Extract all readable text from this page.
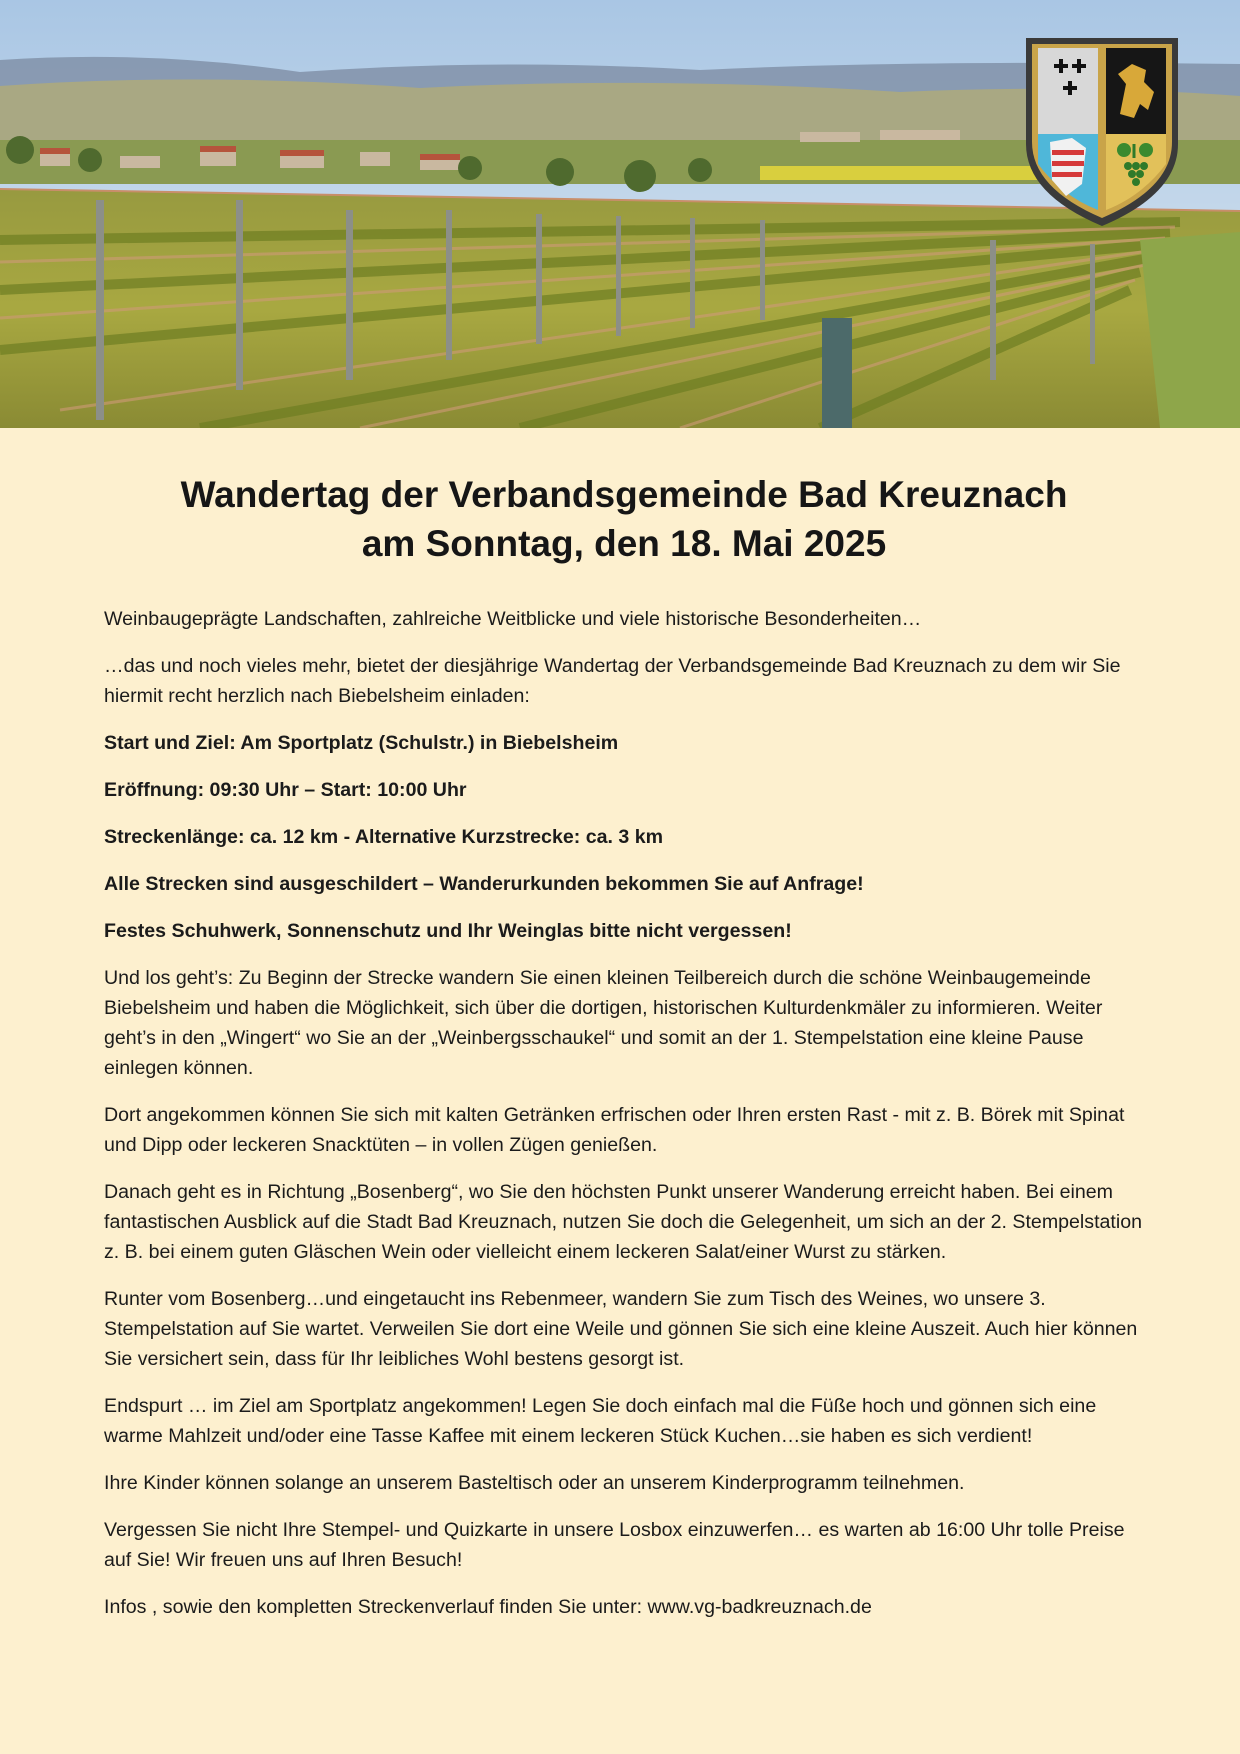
Wandertag der Verbandsgemeinde Bad Kreuznach
am Sonntag, den 18. Mai 2025

Weinbaugeprägte Landschaften, zahlreiche Weitblicke und viele historische Besonderheiten…

…das und noch vieles mehr, bietet der diesjährige Wandertag der Verbandsgemeinde Bad Kreuznach zu dem wir Sie hiermit recht herzlich nach Biebelsheim einladen:

Start und Ziel: Am Sportplatz (Schulstr.) in Biebelsheim

Eröffnung: 09:30 Uhr – Start: 10:00 Uhr

Streckenlänge: ca. 12 km - Alternative Kurzstrecke: ca. 3 km

Alle Strecken sind ausgeschildert – Wanderurkunden bekommen Sie auf Anfrage!

Festes Schuhwerk, Sonnenschutz und Ihr Weinglas bitte nicht vergessen!

Und los geht’s: Zu Beginn der Strecke wandern Sie einen kleinen Teilbereich durch die schöne Weinbaugemeinde Biebelsheim und haben die Möglichkeit, sich über die dortigen, historischen Kulturdenkmäler zu informieren. Weiter geht’s in den „Wingert“ wo Sie an der „Weinbergsschaukel“ und somit an der 1. Stempelstation eine kleine Pause einlegen können.

Dort angekommen können Sie sich mit kalten Getränken erfrischen oder Ihren ersten Rast - mit z. B. Börek mit Spinat und Dipp oder leckeren Snacktüten – in vollen Zügen genießen.

Danach geht es in Richtung „Bosenberg“, wo Sie den höchsten Punkt unserer Wanderung erreicht haben. Bei einem fantastischen Ausblick auf die Stadt Bad Kreuznach, nutzen Sie doch die Gelegenheit, um sich an der 2. Stempelstation z. B. bei einem guten Gläschen Wein oder vielleicht einem leckeren Salat/einer Wurst zu stärken.

Runter vom Bosenberg…und eingetaucht ins Rebenmeer, wandern Sie zum Tisch des Weines, wo unsere 3. Stempelstation auf Sie wartet. Verweilen Sie dort eine Weile und gönnen Sie sich eine kleine Auszeit. Auch hier können Sie versichert sein, dass für Ihr leibliches Wohl bestens gesorgt ist.

Endspurt … im Ziel am Sportplatz angekommen! Legen Sie doch einfach mal die Füße hoch und gönnen sich eine warme Mahlzeit und/oder eine Tasse Kaffee mit einem leckeren Stück Kuchen…sie haben es sich verdient!

Ihre Kinder können solange an unserem Basteltisch oder an unserem Kinderprogramm teilnehmen.

Vergessen Sie nicht Ihre Stempel- und Quizkarte in unsere Losbox einzuwerfen… es warten ab 16:00 Uhr tolle Preise auf Sie! Wir freuen uns auf Ihren Besuch!

Infos , sowie den kompletten Streckenverlauf finden Sie unter: www.vg-badkreuznach.de
